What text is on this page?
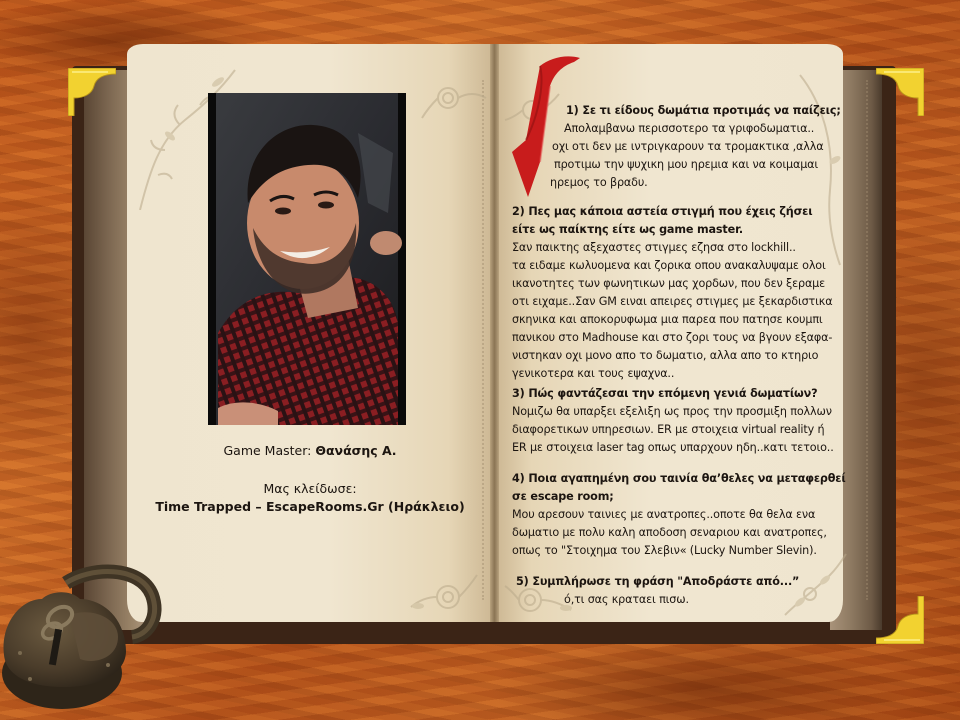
Game Master: Θανάσης Α.
Μας κλείδωσε:
Time Trapped – EscapeRooms.Gr (Ηράκλειο)

1) Σε τι είδους δωμάτια προτιμάς να παίζεις;

Απολαμβανω περισσοτερο τα γριφοδωματια..

οχι οτι δεν με ιντριγκαρουν τα τρομακτικα ,αλλα

προτιμω την ψυχικη μου ηρεμια και να κοιμαμαι

ηρεμος το βραδυ.

2) Πες μας κάποια αστεία στιγμή που έχεις ζήσει

είτε ως παίκτης είτε ως game master.

Σαν παικτης αξεχαστες στιγμες εζησα στο lockhill..

τα ειδαμε κωλυομενα και ζορικα οπου ανακαλυψαμε ολοι

ικανοτητες των φωνητικων μας χορδων, που δεν ξεραμε

οτι ειχαμε..Σαν GM ειναι απειρες στιγμες με ξεκαρδιστικα

σκηνικα και αποκορυφωμα μια παρεα που πατησε κουμπι

πανικου στο Madhouse και στο ζορι τους να βγουν εξαφα-

νιστηκαν οχι μονο απο το δωματιο, αλλα απο το κτηριο

γενικοτερα και τους εψαχνα..

3) Πώς φαντάζεσαι την επόμενη γενιά δωματίων?

Νομιζω θα υπαρξει εξελιξη ως προς την προσμιξη πολλων

διαφορετικων υπηρεσιων. ER με στοιχεια virtual reality ή

ER με στοιχεια laser tag οπως υπαρχουν ηδη..κατι τετοιο..

4) Ποια αγαπημένη σου ταινία θα’θελες να μεταφερθεί

σε escape room;

Μου αρεσουν ταινιες με ανατροπες..οποτε θα θελα ενα

δωματιο με πολυ καλη αποδοση σεναριου και ανατροπες,

οπως το "Στοιχημα του Σλεβιν« (Lucky Number Slevin).

5) Συμπλήρωσε τη φράση "Αποδράστε από...”

ό,τι σας κραταει πισω.
